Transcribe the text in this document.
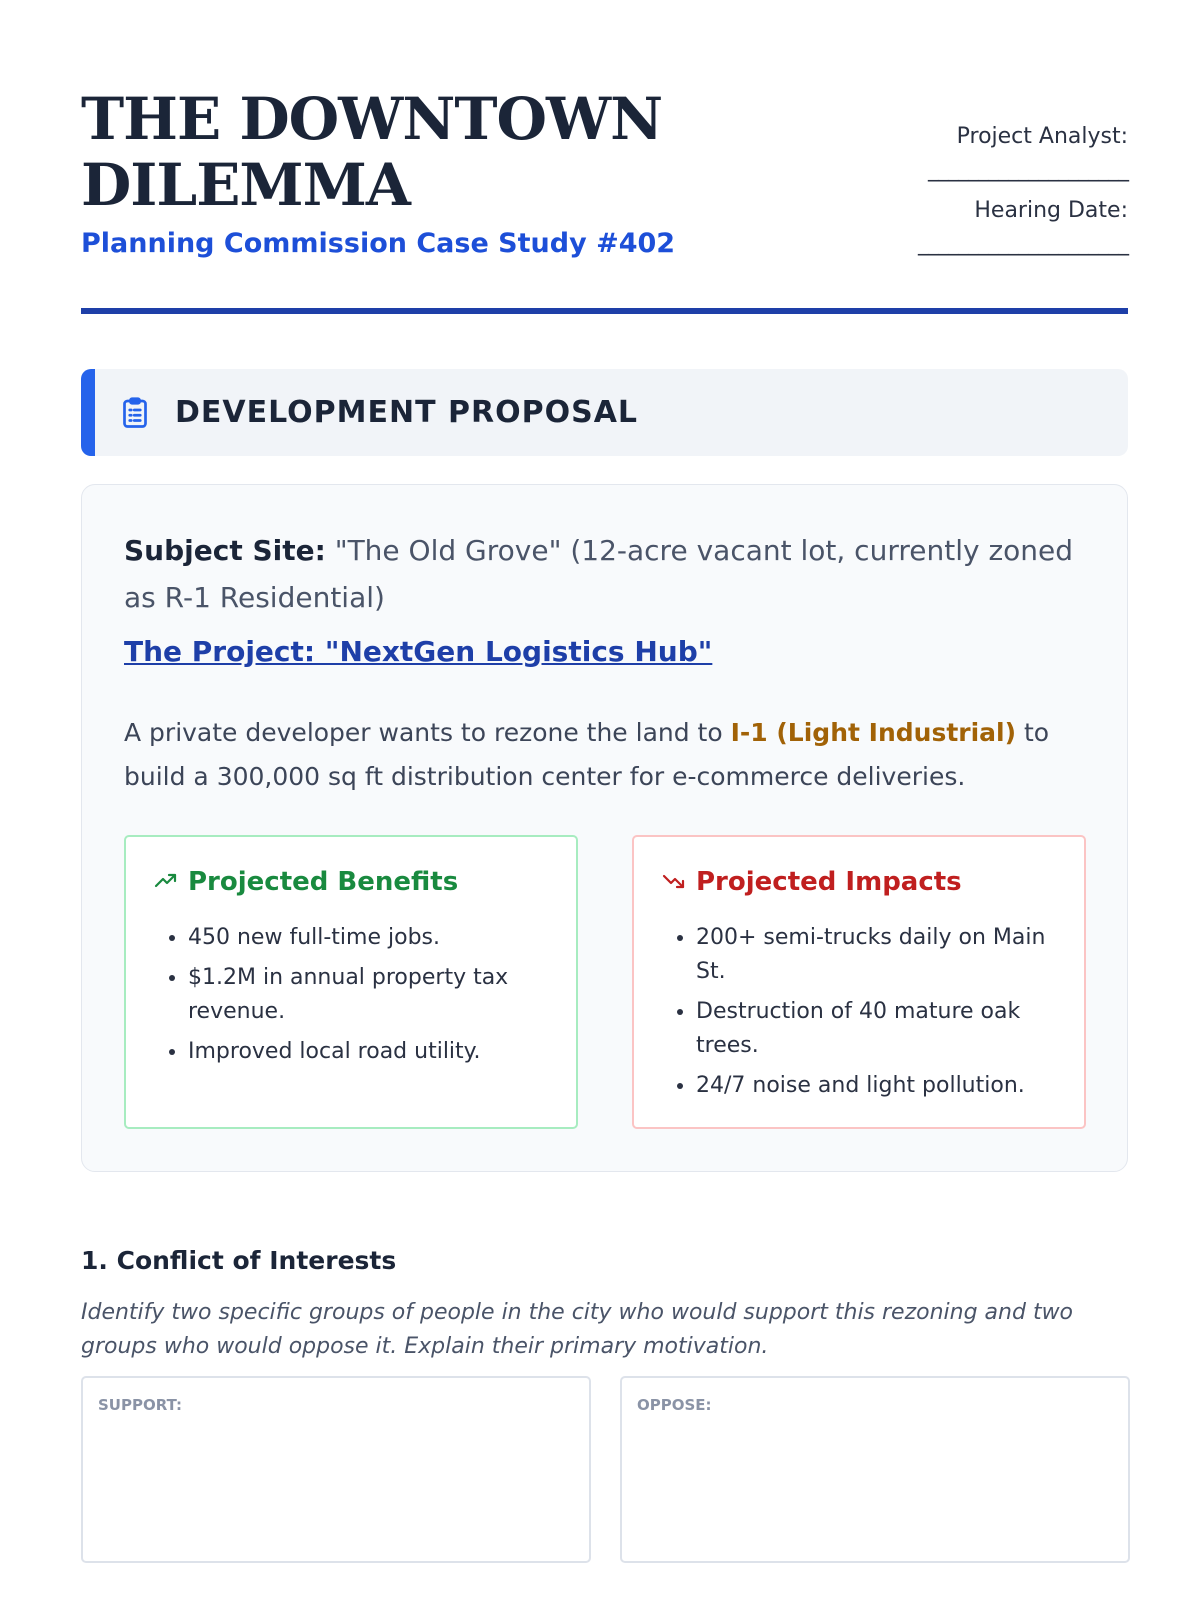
THE DOWNTOWN DILEMMA
Planning Commission Case Study #402
Project Analyst:
____________________
Hearing Date:
_____________________
DEVELOPMENT PROPOSAL

Subject Site: "The Old Grove" (12-acre vacant lot, currently zoned as R-1 Residential)

The Project: "NextGen Logistics Hub"

A private developer wants to rezone the land to I-1 (Light Industrial) to build a 300,000 sq ft distribution center for e-commerce deliveries.

Projected Benefits
• 450 new full-time jobs.
• $1.2M in annual property tax revenue.
• Improved local road utility.
Projected Impacts
• 200+ semi-trucks daily on Main St.
• Destruction of 40 mature oak trees.
• 24/7 noise and light pollution.
1. Conflict of Interests

Identify two specific groups of people in the city who would support this rezoning and two groups who would oppose it. Explain their primary motivation.

SUPPORT:	OPPOSE:
